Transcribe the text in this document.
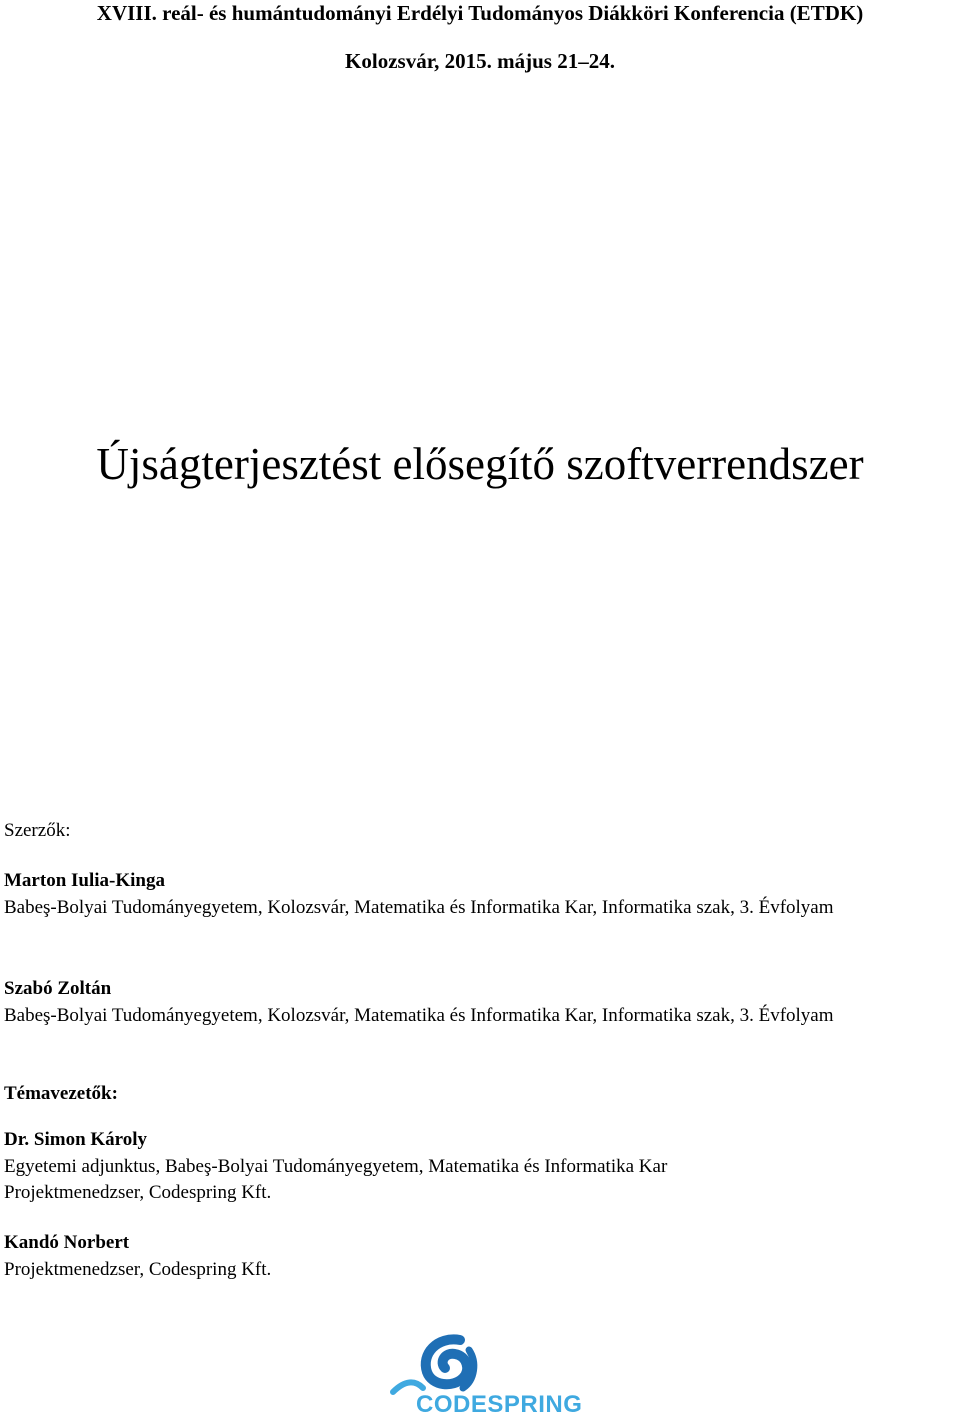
XVIII. reál- és humántudományi Erdélyi Tudományos Diákköri Konferencia (ETDK)
Kolozsvár, 2015. május 21–24.
Újságterjesztést elősegítő szoftverrendszer
Szerzők:

Marton Iulia-Kinga

Babeş-Bolyai Tudományegyetem, Kolozsvár, Matematika és Informatika Kar, Informatika szak, 3. Évfolyam

Szabó Zoltán

Babeş-Bolyai Tudományegyetem, Kolozsvár, Matematika és Informatika Kar, Informatika szak, 3. Évfolyam

Témavezetők:

Dr. Simon Károly

Egyetemi adjunktus, Babeş-Bolyai Tudományegyetem, Matematika és Informatika Kar

Projektmenedzser, Codespring Kft.

Kandó Norbert

Projektmenedzser, Codespring Kft.

CODESPRING
